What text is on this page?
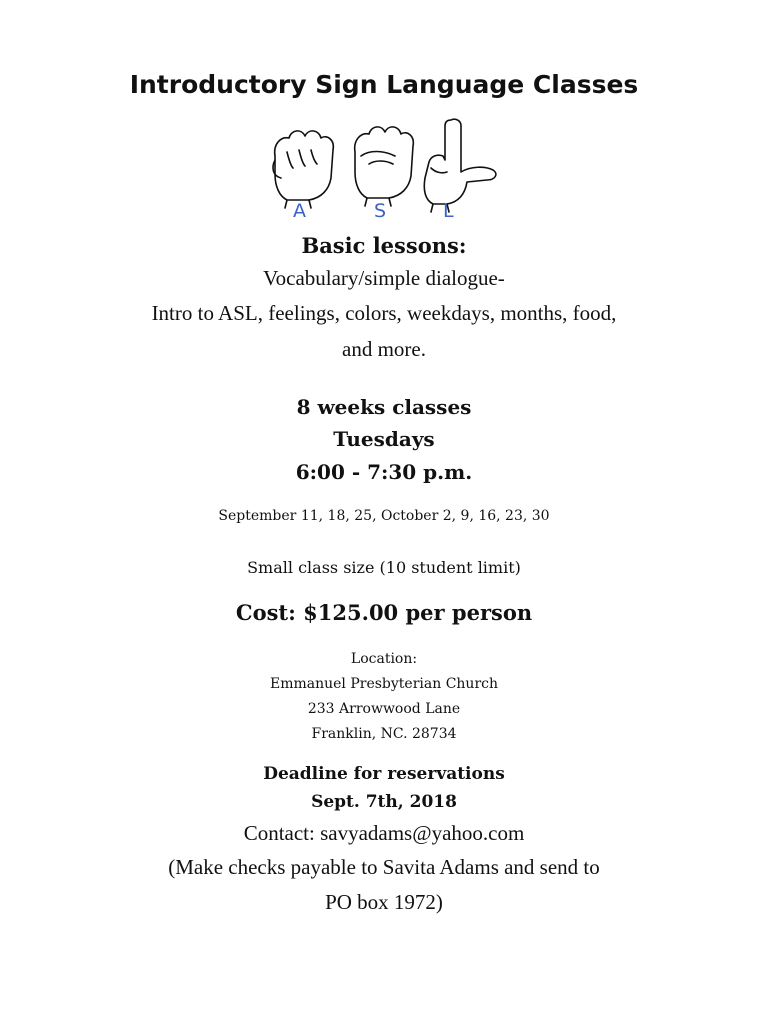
Introductory Sign Language Classes
A	S	L
Basic lessons:
Vocabulary/simple dialogue-
Intro to ASL, feelings, colors, weekdays, months, food,
and more.
8 weeks classes
Tuesdays
6:00 - 7:30 p.m.
September 11, 18, 25, October 2, 9, 16, 23, 30
Small class size (10 student limit)
Cost: $125.00 per person
Location:
Emmanuel Presbyterian Church
233 Arrowwood Lane
Franklin, NC. 28734
Deadline for reservations
Sept. 7th, 2018
Contact: savyadams@yahoo.com
(Make checks payable to Savita Adams and send to
PO box 1972)
